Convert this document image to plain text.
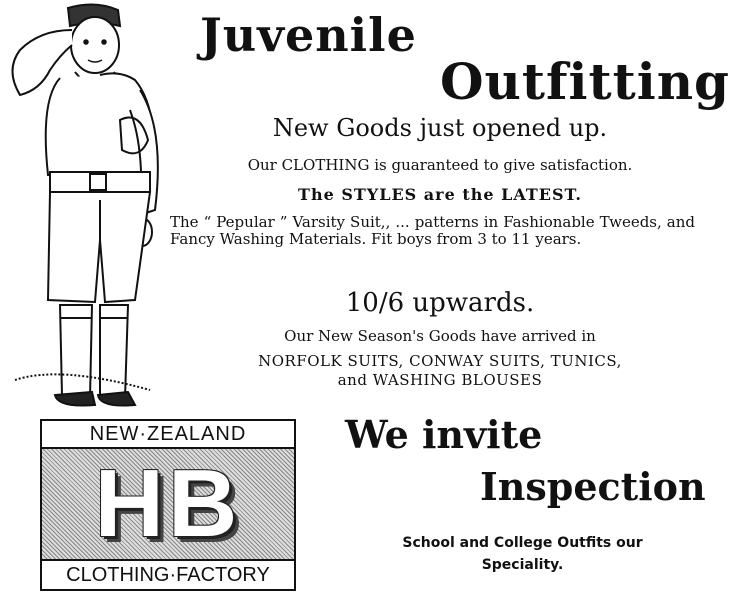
Juvenile
Outfitting
New Goods just opened up.
Our CLOTHING is guaranteed to give satisfaction.
The STYLES are the LATEST.
The “ Pepular ” Varsity Suit,, ... patterns in Fashionable Tweeds, and Fancy Washing Materials. Fit boys from 3 to 11 years.
10/6 upwards.
Our New Season's Goods have arrived in
NORFOLK SUITS, CONWAY SUITS, TUNICS,
and WASHING BLOUSES
We invite
Inspection
School and College Outfits our
Speciality.
NEW·ZEALAND
HB
CLOTHING·FACTORY
